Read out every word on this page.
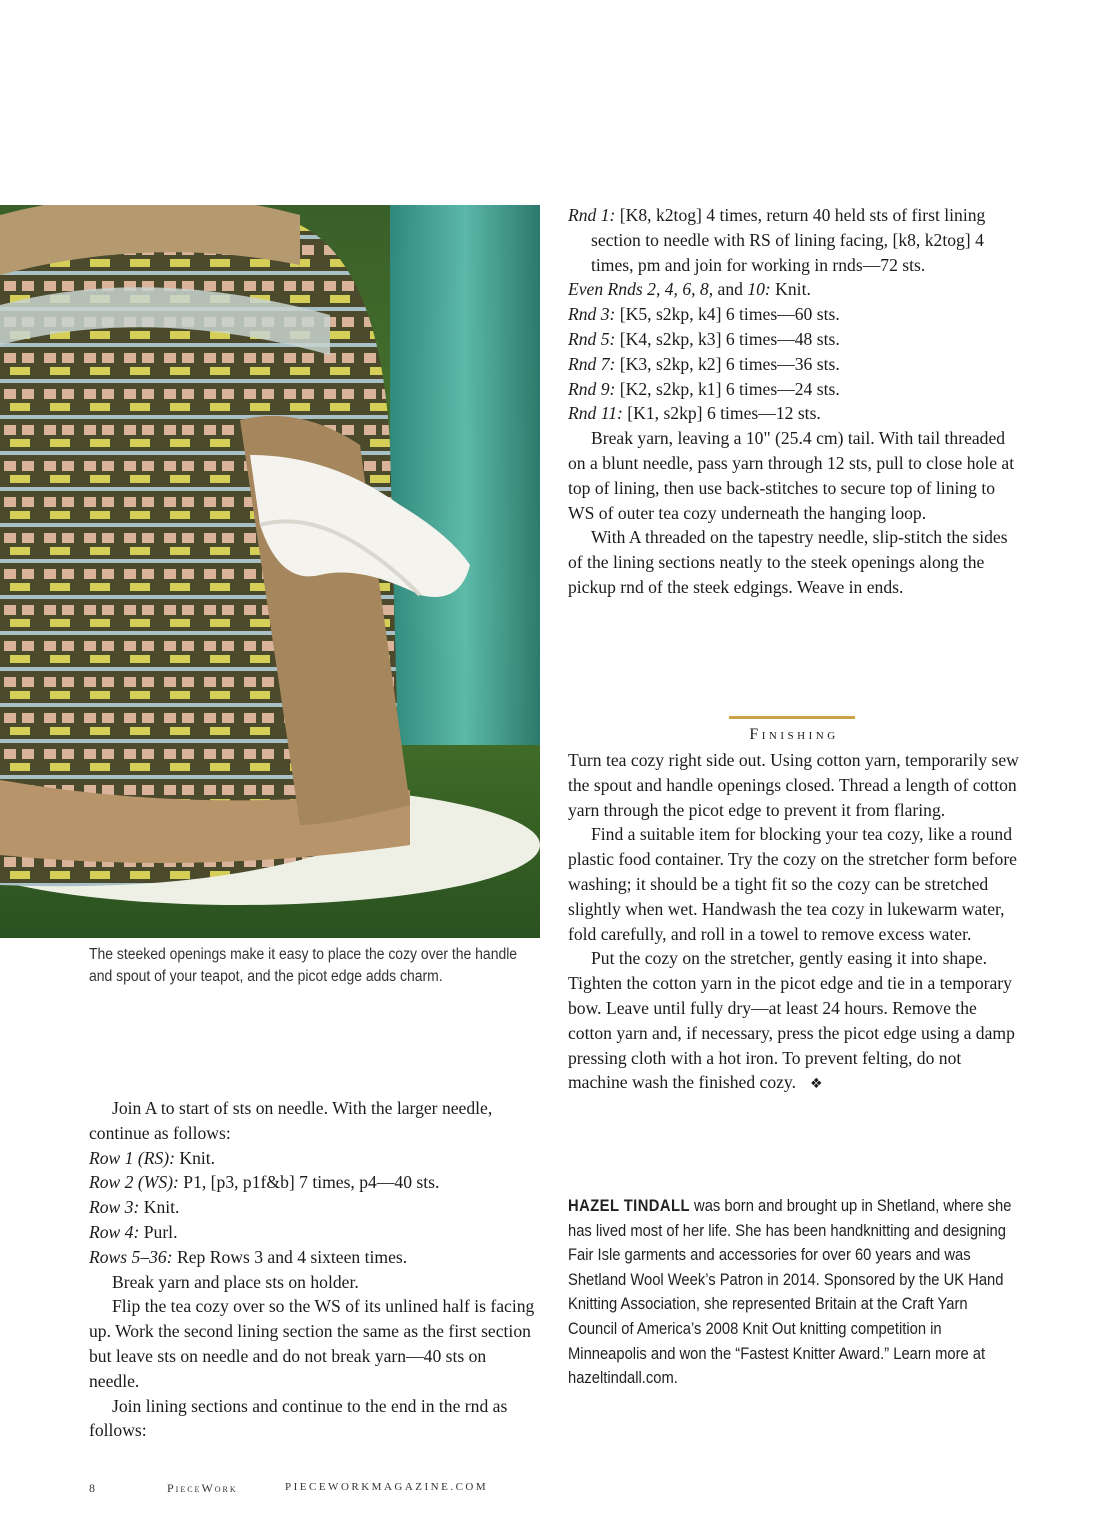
The steeked openings make it easy to place the cozy over the handle and spout of your teapot, and the picot edge adds charm.

Join A to start of sts on needle. With the larger needle, continue as follows:

Row 1 (RS): Knit.

Row 2 (WS): P1, [p3, p1f&b] 7 times, p4—40 sts.

Row 3: Knit.

Row 4: Purl.

Rows 5–36: Rep Rows 3 and 4 sixteen times.

Break yarn and place sts on holder.

Flip the tea cozy over so the WS of its unlined half is facing up. Work the second lining section the same as the first section but leave sts on needle and do not break yarn—40 sts on needle.

Join lining sections and continue to the end in the rnd as follows:

Rnd 1: [K8, k2tog] 4 times, return 40 held sts of first lining section to needle with RS of lining facing, [k8, k2tog] 4 times, pm and join for working in rnds—72 sts.

Even Rnds 2, 4, 6, 8, and 10: Knit.

Rnd 3: [K5, s2kp, k4] 6 times—60 sts.

Rnd 5: [K4, s2kp, k3] 6 times—48 sts.

Rnd 7: [K3, s2kp, k2] 6 times—36 sts.

Rnd 9: [K2, s2kp, k1] 6 times—24 sts.

Rnd 11: [K1, s2kp] 6 times—12 sts.

Break yarn, leaving a 10" (25.4 cm) tail. With tail threaded on a blunt needle, pass yarn through 12 sts, pull to close hole at top of lining, then use back-stitches to secure top of lining to WS of outer tea cozy underneath the hanging loop.

With A threaded on the tapestry needle, slip-stitch the sides of the lining sections neatly to the steek openings along the pickup rnd of the steek edgings. Weave in ends.

Finishing

Turn tea cozy right side out. Using cotton yarn, temporarily sew the spout and handle openings closed. Thread a length of cotton yarn through the picot edge to prevent it from flaring.

Find a suitable item for blocking your tea cozy, like a round plastic food container. Try the cozy on the stretcher form before washing; it should be a tight fit so the cozy can be stretched slightly when wet. Handwash the tea cozy in lukewarm water, fold carefully, and roll in a towel to remove excess water.

Put the cozy on the stretcher, gently easing it into shape. Tighten the cotton yarn in the picot edge and tie in a temporary bow. Leave until fully dry—at least 24 hours. Remove the cotton yarn and, if necessary, press the picot edge using a damp pressing cloth with a hot iron. To prevent felting, do not machine wash the finished cozy. ❖

HAZEL TINDALL was born and brought up in Shetland, where she has lived most of her life. She has been handknitting and designing Fair Isle garments and accessories for over 60 years and was Shetland Wool Week’s Patron in 2014. Sponsored by the UK Hand Knitting Association, she represented Britain at the Craft Yarn Council of America’s 2008 Knit Out knitting competition in Minneapolis and won the “Fastest Knitter Award.” Learn more at hazeltindall.com.
8	PieceWork	PIECEWORKMAGAZINE.COM
